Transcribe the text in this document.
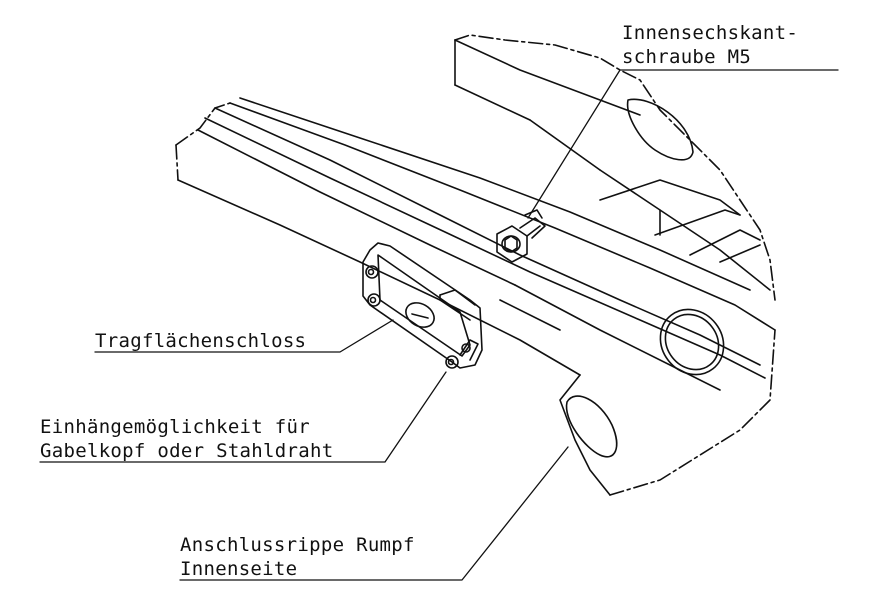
Innensechskant-
schraube M5
Tragflächenschloss
Einhängemöglichkeit für
Gabelkopf oder Stahldraht
Anschlussrippe Rumpf
Innenseite
